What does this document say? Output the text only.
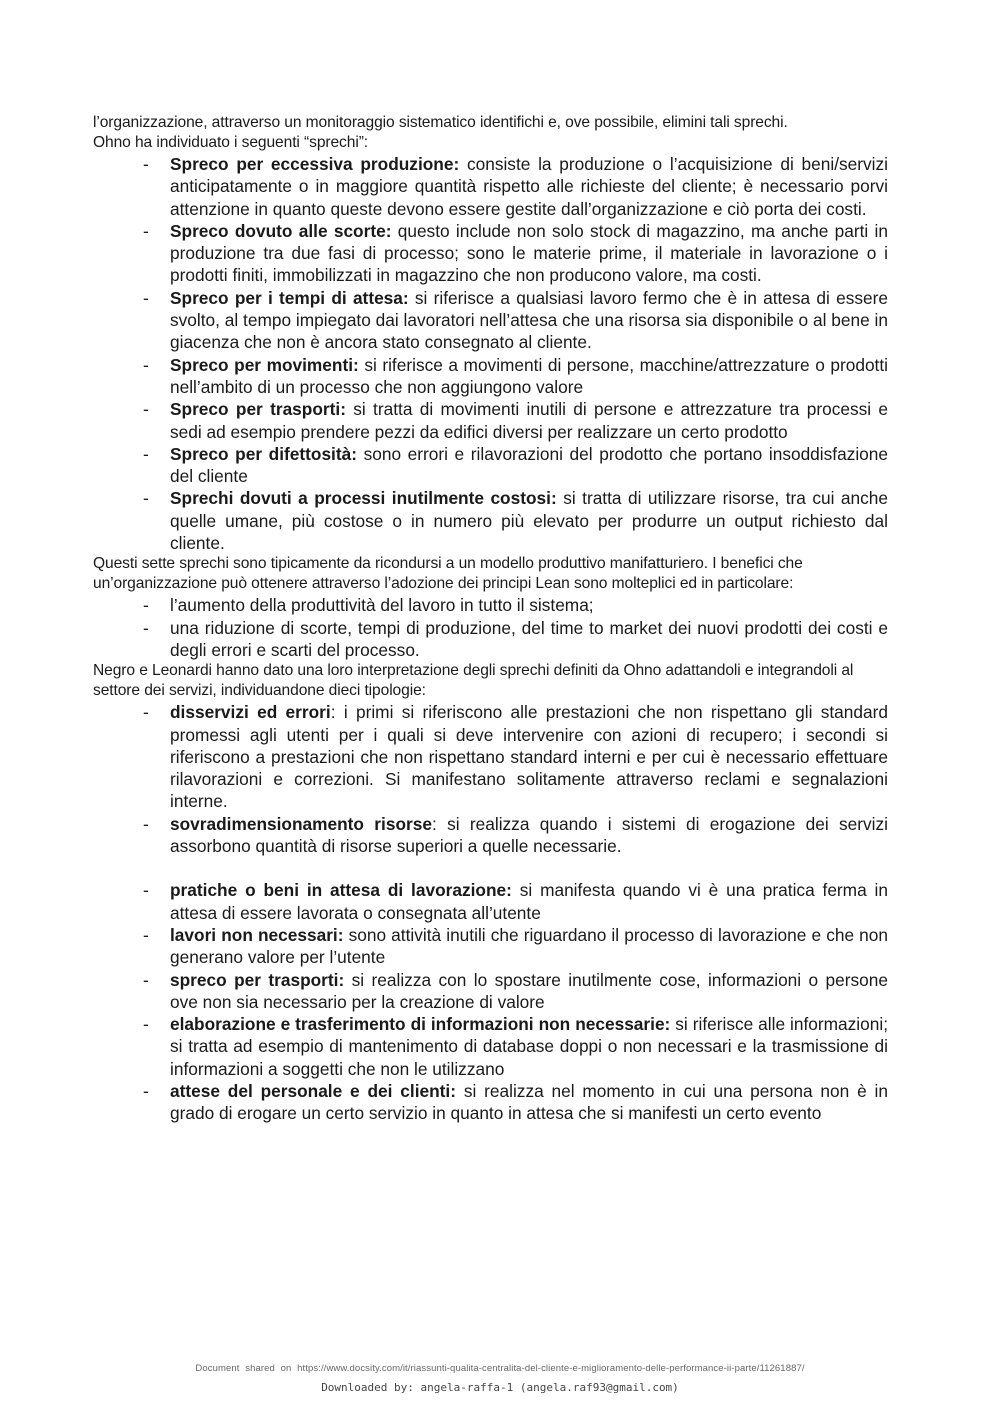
l’organizzazione, attraverso un monitoraggio sistematico identifichi e, ove possibile, elimini tali sprechi.

Ohno ha individuato i seguenti “sprechi”:

- Spreco per eccessiva produzione: consiste la produzione o l’acquisizione di beni/servizi anticipatamente o in maggiore quantità rispetto alle richieste del cliente; è necessario porvi attenzione in quanto queste devono essere gestite dall’organizzazione e ciò porta dei costi.
- Spreco dovuto alle scorte: questo include non solo stock di magazzino, ma anche parti in produzione tra due fasi di processo; sono le materie prime, il materiale in lavorazione o i prodotti finiti, immobilizzati in magazzino che non producono valore, ma costi.
- Spreco per i tempi di attesa: si riferisce a qualsiasi lavoro fermo che è in attesa di essere svolto, al tempo impiegato dai lavoratori nell’attesa che una risorsa sia disponibile o al bene in giacenza che non è ancora stato consegnato al cliente.
- Spreco per movimenti: si riferisce a movimenti di persone, macchine/attrezzature o prodotti nell’ambito di un processo che non aggiungono valore
- Spreco per trasporti: si tratta di movimenti inutili di persone e attrezzature tra processi e sedi ad esempio prendere pezzi da edifici diversi per realizzare un certo prodotto
- Spreco per difettosità: sono errori e rilavorazioni del prodotto che portano insoddisfazione del cliente
- Sprechi dovuti a processi inutilmente costosi: si tratta di utilizzare risorse, tra cui anche quelle umane, più costose o in numero più elevato per produrre un output richiesto dal cliente.

Questi sette sprechi sono tipicamente da ricondursi a un modello produttivo manifatturiero. I benefici che un’organizzazione può ottenere attraverso l’adozione dei principi Lean sono molteplici ed in particolare:

- l’aumento della produttività del lavoro in tutto il sistema;
- una riduzione di scorte, tempi di produzione, del time to market dei nuovi prodotti dei costi e degli errori e scarti del processo.

Negro e Leonardi hanno dato una loro interpretazione degli sprechi definiti da Ohno adattandoli e integrandoli al settore dei servizi, individuandone dieci tipologie:

- disservizi ed errori: i primi si riferiscono alle prestazioni che non rispettano gli standard promessi agli utenti per i quali si deve intervenire con azioni di recupero; i secondi si riferiscono a prestazioni che non rispettano standard interni e per cui è necessario effettuare rilavorazioni e correzioni. Si manifestano solitamente attraverso reclami e segnalazioni interne.
- sovradimensionamento risorse: si realizza quando i sistemi di erogazione dei servizi assorbono quantità di risorse superiori a quelle necessarie.
- pratiche o beni in attesa di lavorazione: si manifesta quando vi è una pratica ferma in attesa di essere lavorata o consegnata all’utente
- lavori non necessari: sono attività inutili che riguardano il processo di lavorazione e che non generano valore per l’utente
- spreco per trasporti: si realizza con lo spostare inutilmente cose, informazioni o persone ove non sia necessario per la creazione di valore
- elaborazione e trasferimento di informazioni non necessarie: si riferisce alle informazioni; si tratta ad esempio di mantenimento di database doppi o non necessari e la trasmissione di informazioni a soggetti che non le utilizzano
- attese del personale e dei clienti: si realizza nel momento in cui una persona non è in grado di erogare un certo servizio in quanto in attesa che si manifesti un certo evento
Document shared on https://www.docsity.com/it/riassunti-qualita-centralita-del-cliente-e-miglioramento-delle-performance-ii-parte/11261887/
Downloaded by: angela-raffa-1 (angela.raf93@gmail.com)
